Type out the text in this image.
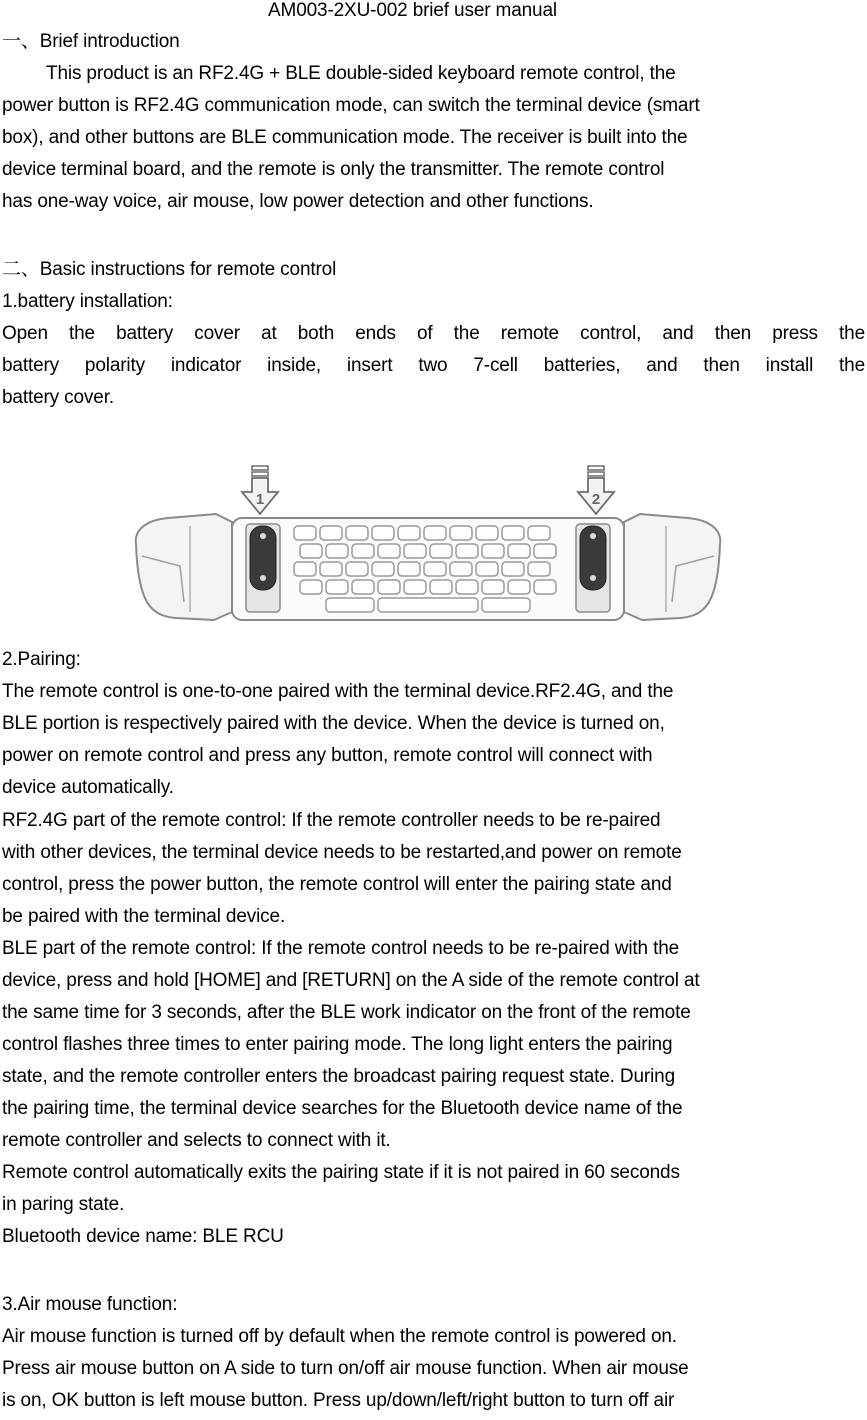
AM003-2XU-002 brief user manual
一、Brief introduction
This product is an RF2.4G + BLE double-sided keyboard remote control, the
power button is RF2.4G communication mode, can switch the terminal device (smart
box), and other buttons are BLE communication mode. The receiver is built into the
device terminal board, and the remote is only the transmitter. The remote control
has one-way voice, air mouse, low power detection and other functions.
二、Basic instructions for remote control
1.battery installation:
Open the battery cover at both ends of the remote control, and then press the
battery polarity indicator inside, insert two 7-cell batteries, and then install the
battery cover.
1	2
2.Pairing:
The remote control is one-to-one paired with the terminal device.RF2.4G, and the
BLE portion is respectively paired with the device. When the device is turned on,
power on remote control and press any button, remote control will connect with
device automatically.
RF2.4G part of the remote control: If the remote controller needs to be re-paired
with other devices, the terminal device needs to be restarted,and power on remote
control, press the power button, the remote control will enter the pairing state and
be paired with the terminal device.
BLE part of the remote control: If the remote control needs to be re-paired with the
device, press and hold [HOME] and [RETURN] on the A side of the remote control at
the same time for 3 seconds, after the BLE work indicator on the front of the remote
control flashes three times to enter pairing mode. The long light enters the pairing
state, and the remote controller enters the broadcast pairing request state. During
the pairing time, the terminal device searches for the Bluetooth device name of the
remote controller and selects to connect with it.
Remote control automatically exits the pairing state if it is not paired in 60 seconds
in paring state.
Bluetooth device name: BLE RCU
3.Air mouse function:
Air mouse function is turned off by default when the remote control is powered on.
Press air mouse button on A side to turn on/off air mouse function. When air mouse
is on, OK button is left mouse button. Press up/down/left/right button to turn off air
